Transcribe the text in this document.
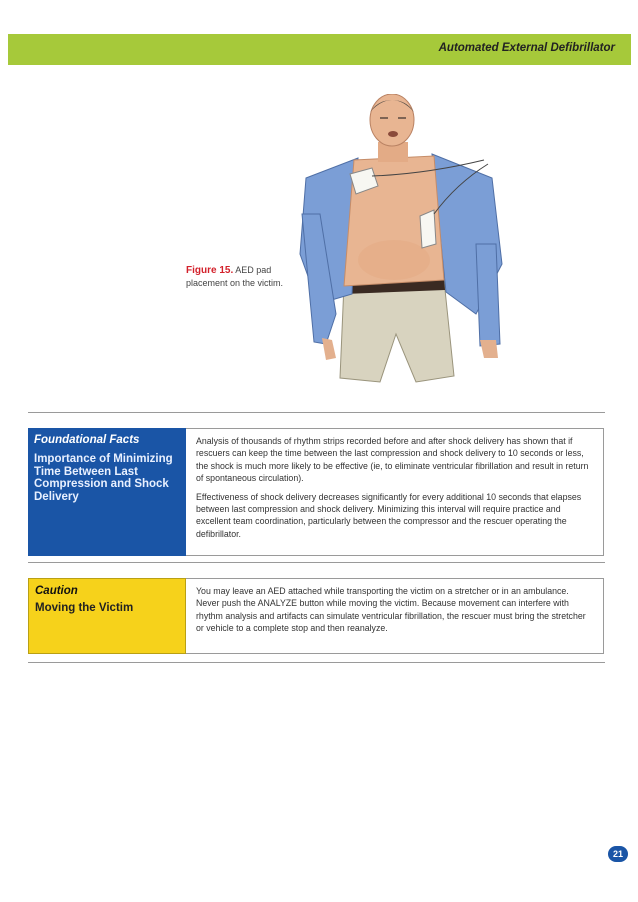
Automated External Defibrillator
Figure 15. AED pad placement on the victim.
Foundational Facts
Importance of Minimizing Time Between Last Compression and Shock Delivery

Analysis of thousands of rhythm strips recorded before and after shock delivery has shown that if rescuers can keep the time between the last compression and shock delivery to 10 seconds or less, the shock is much more likely to be effective (ie, to eliminate ventricular fibrillation and result in return of spontaneous circulation).

Effectiveness of shock delivery decreases significantly for every additional 10 seconds that elapses between last compression and shock delivery. Minimizing this interval will require practice and excellent team coordination, particularly between the compressor and the rescuer operating the defibrillator.

Caution
Moving the Victim

You may leave an AED attached while transporting the victim on a stretcher or in an ambulance. Never push the ANALYZE button while moving the victim. Because movement can interfere with rhythm analysis and artifacts can simulate ventricular fibrillation, the rescuer must bring the stretcher or vehicle to a complete stop and then reanalyze.

21
